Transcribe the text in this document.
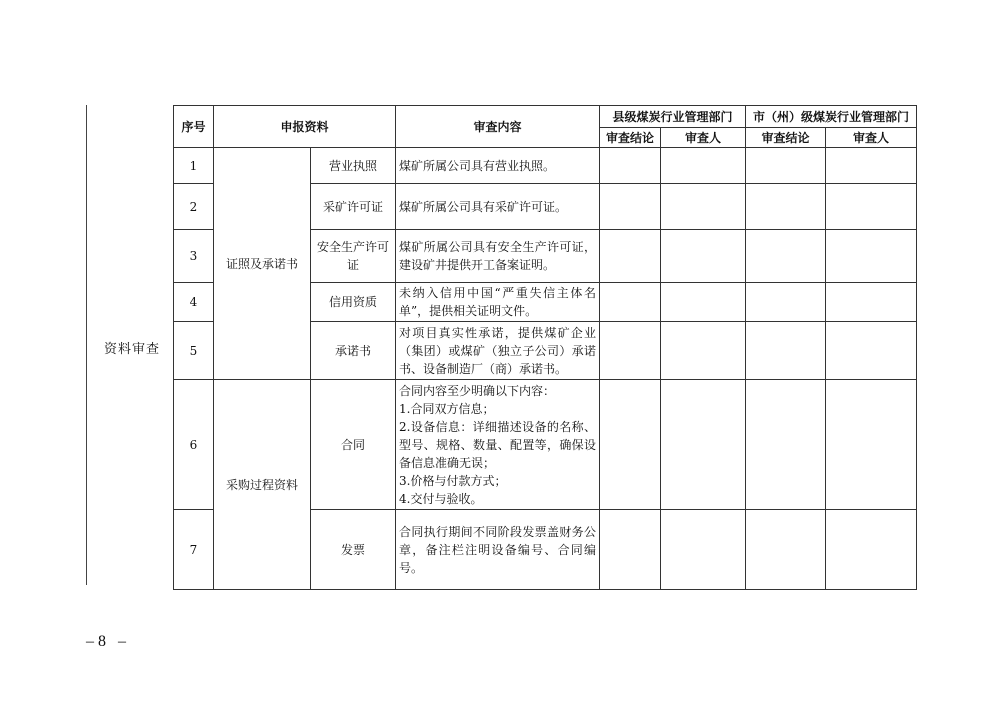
资料审查
序号	申报资料		审查内容	县级煤炭行业管理部门		市（州）级煤炭行业管理部门	
				审查结论	审查人	审查结论	审查人
1	证照及承诺书	营业执照	煤矿所属公司具有营业执照。				
2		采矿许可证	煤矿所属公司具有采矿许可证。				
3		安全生产许可证	煤矿所属公司具有安全生产许可证，建设矿井提供开工备案证明。				
4		信用资质	未纳入信用中国“严重失信主体名单”，提供相关证明文件。				
5		承诺书	对项目真实性承诺，提供煤矿企业（集团）或煤矿（独立子公司）承诺书、设备制造厂（商）承诺书。				
6	采购过程资料	合同	合同内容至少明确以下内容：
1.合同双方信息；
2.设备信息：详细描述设备的名称、型号、规格、数量、配置等，确保设备信息准确无误；
3.价格与付款方式；
4.交付与验收。				

7		发票	合同执行期间不同阶段发票盖财务公章，备注栏注明设备编号、合同编号。				
–8 –
